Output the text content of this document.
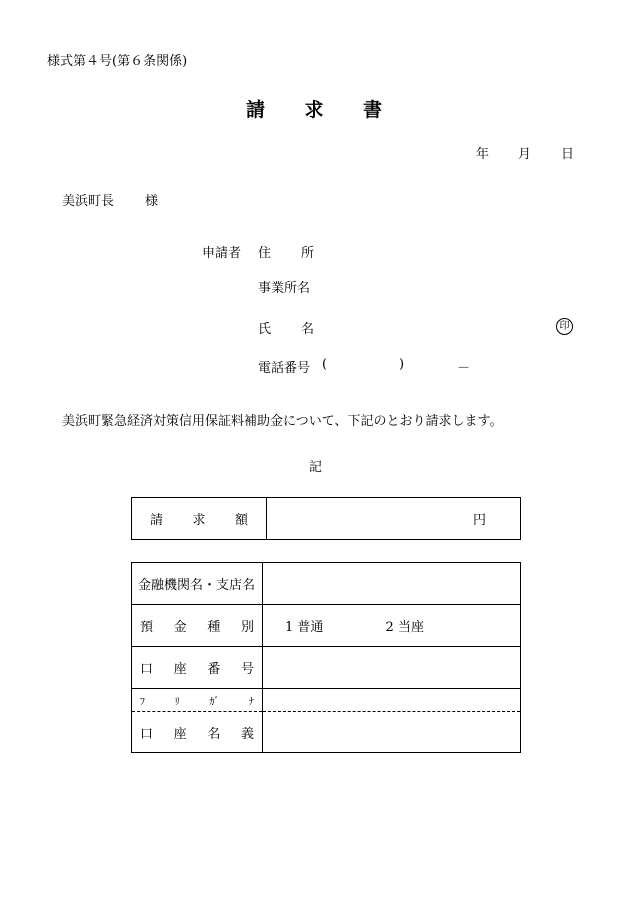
様式第４号(第６条関係)
請 求 書
年 月 日
美浜町長 様
申請者 住 所
事業所名
氏 名	印
電話番号 (	)	－
美浜町緊急経済対策信用保証料補助金について、下記のとおり請求します。
記
請 求 額	円
金融機関名・支店名	

預 金 種 別	1 普通 2 当座

口 座 番 号	

ﾌ ﾘ ｶﾞ ﾅ	

口 座 名 義	
